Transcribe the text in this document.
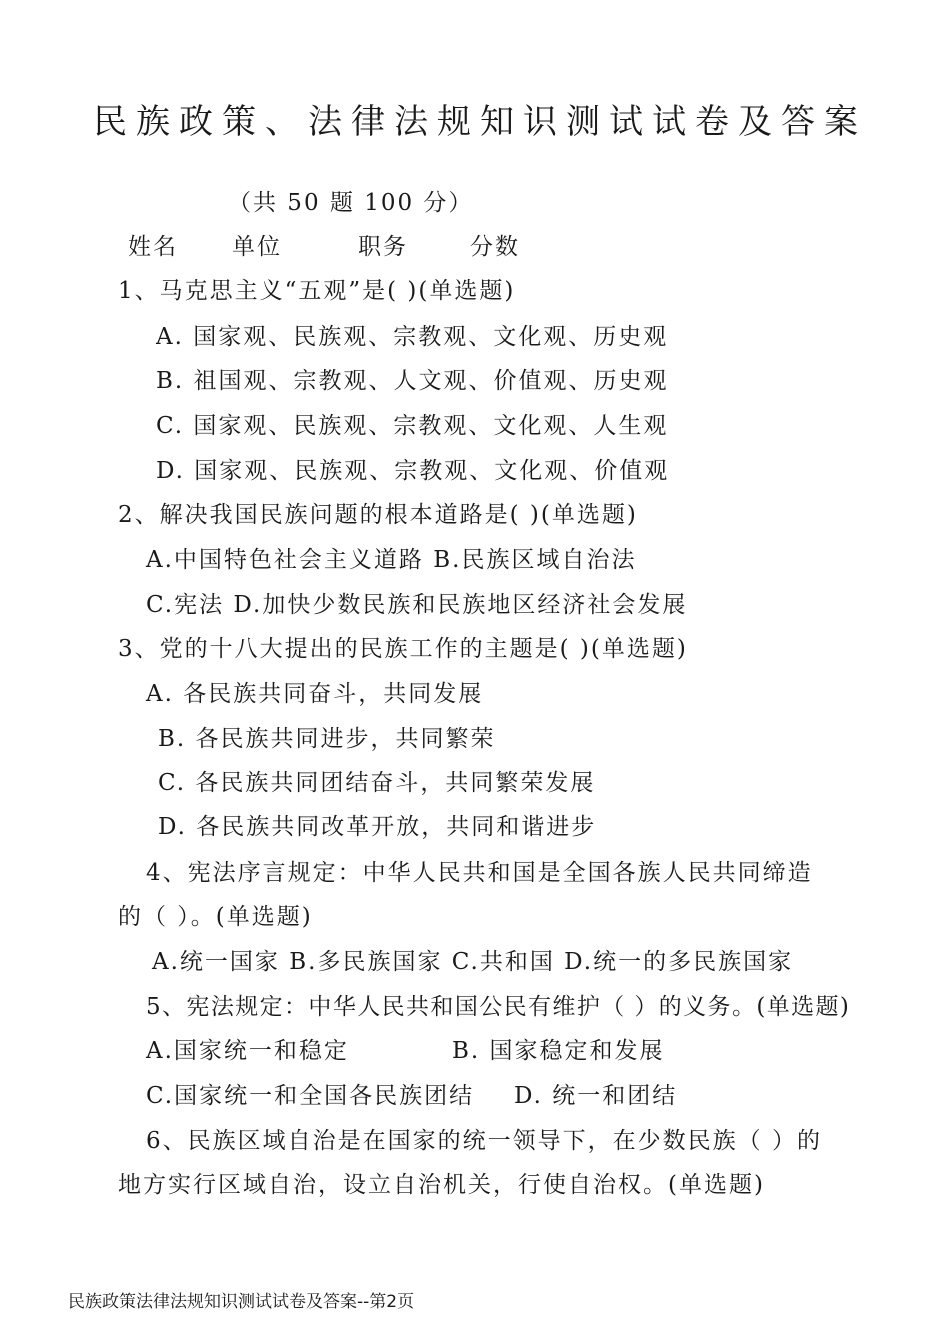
民族政策、法律法规知识测试试卷及答案
（共 50 题 100 分）
姓名 单位	职务	分数
1、马克思主义“五观”是( )(单选题)
A. 国家观、民族观、宗教观、文化观、历史观
B. 祖国观、宗教观、人文观、价值观、历史观
C. 国家观、民族观、宗教观、文化观、人生观
D. 国家观、民族观、宗教观、文化观、价值观
2、解决我国民族问题的根本道路是( )(单选题)
A.中国特色社会主义道路 B.民族区域自治法
C.宪法 D.加快少数民族和民族地区经济社会发展
3、党的十八大提出的民族工作的主题是( )(单选题)
A. 各民族共同奋斗，共同发展
B. 各民族共同进步，共同繁荣
C. 各民族共同团结奋斗，共同繁荣发展
D. 各民族共同改革开放，共同和谐进步
4、宪法序言规定：中华人民共和国是全国各族人民共同缔造
的（ ）。(单选题)
A.统一国家 B.多民族国家 C.共和国 D.统一的多民族国家
5、宪法规定：中华人民共和国公民有维护（ ）的义务。(单选题)
A.国家统一和稳定	B. 国家稳定和发展
C.国家统一和全国各民族团结 D. 统一和团结
6、民族区域自治是在国家的统一领导下，在少数民族（ ）的
地方实行区域自治，设立自治机关，行使自治权。(单选题)
民族政策法律法规知识测试试卷及答案--第2页
